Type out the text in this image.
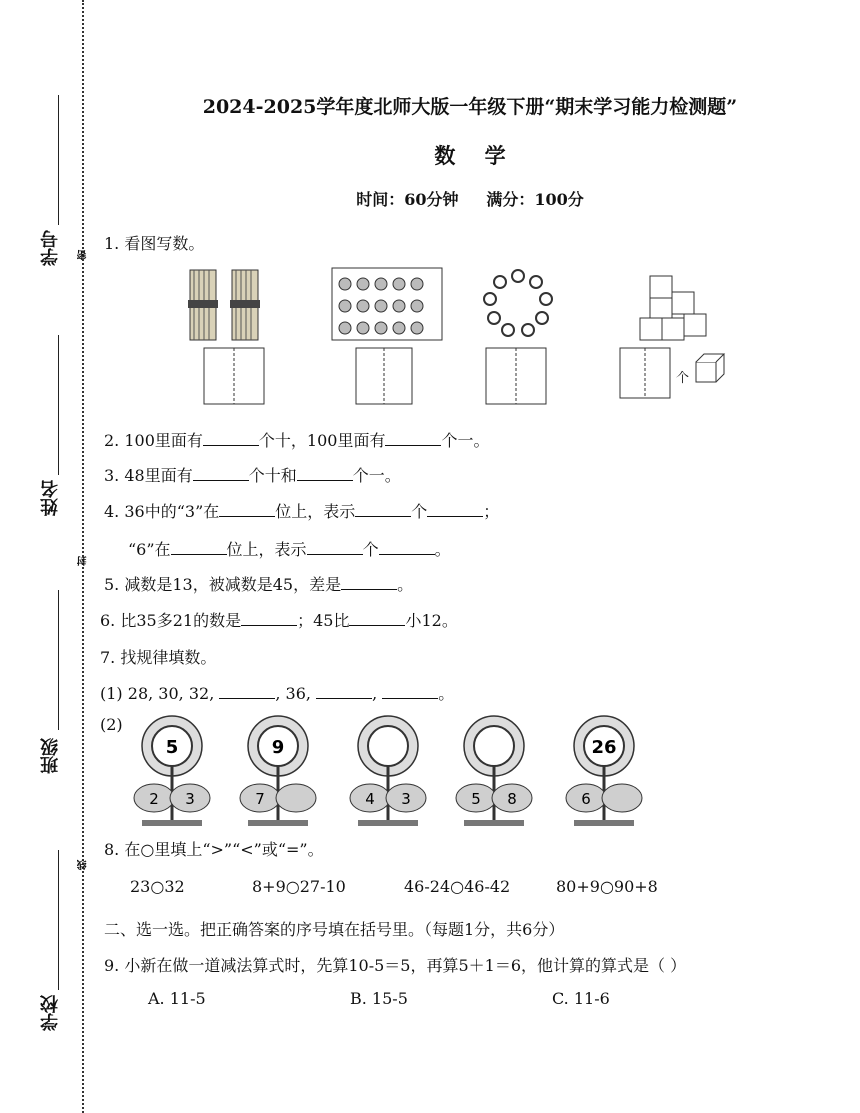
学号
姓名
班级
学校
密
封
线
2024-2025学年度北师大版一年级下册“期末学习能力检测题”
数    学
时间：60分钟     满分：100分
1. 看图写数。
个
2. 100里面有	个十，100里面有	个一。
3. 48里面有	个十和	个一。
4. 36中的“3”在	位上，表示	个	；
“6”在	位上，表示	个	。
5. 减数是13，被减数是45，差是	。
6. 比35多21的数是	；45比	小12。
7. 找规律填数。
(1) 28, 30, 32,	, 36,	,	。
(2)
5
2 3
9
7	4 3	5 8
26
6
8. 在○里填上“>”“<”或“=”。
23○32	8+9○27-10	46-24○46-42	80+9○90+8
二、选一选。把正确答案的序号填在括号里。（每题1分，共6分）
9. 小新在做一道减法算式时，先算10-5＝5，再算5＋1＝6，他计算的算式是（ ）
A. 11-5	B. 15-5	C. 11-6
